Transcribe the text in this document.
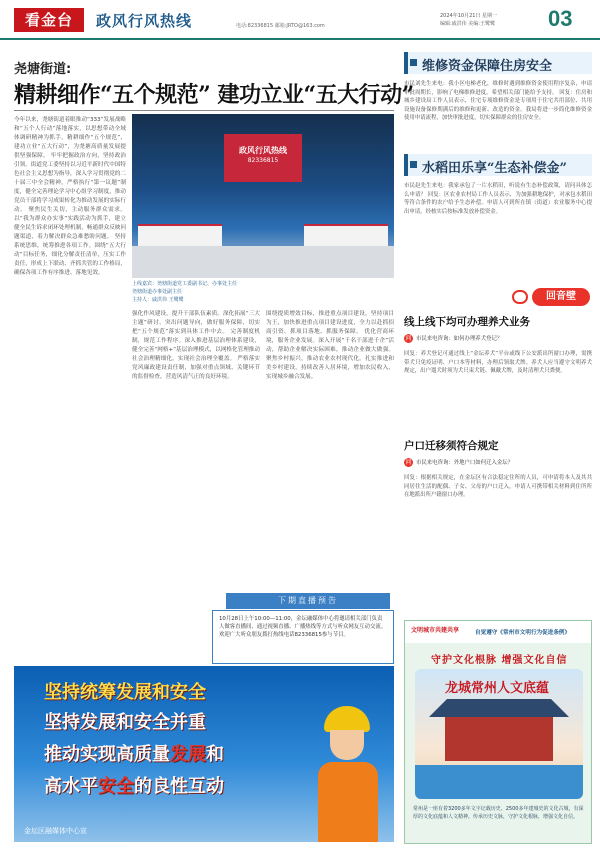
看金台	政风行风热线	电话:82336815 邮箱:JRTO@163.com
2024年10月21日 星期一
编辑:戚洪伟 美编:王鹭鹭 03
尧塘街道:
精耕细作“五个规范” 建功立业“五大行动”
今年以来，尧塘街道着眼推动“333”发展战略和“五个人行动”落地落实，以思想带动全域体调研精神为抓手，精耕细作“五个规范”，建功立业“五大行动”，为尧塘高质量发展提供坚强保障。 牢牢把握政治方向，坚持政治引领。街道党工委坚持以习近平新时代中国特色社会主义思想为指导，深入学习贯彻党的二十届三中全会精神，严格执行“第一议题”制度，健全完善理论学习中心组学习制度，推动党员干部将学习成果转化为推动发展的实际行动。 聚焦民生关切，主动服务群众需求。以“我为群众办实事”实践活动为抓手，建立健全民生诉求闭环处理机制，畅通群众反映问题渠道，着力解决群众急难愁盼问题。 坚持系统思维，统筹推进各项工作。围绕“五大行动”目标任务，细化分解责任清单，压实工作责任，形成上下联动、齐抓共管的工作格局，确保各项工作有序推进、落地见效。
政风行风热线
82336815
上线嘉宾：尧塘街道党工委副书记、办事处主任
尧塘街道办事处副主任
主持人：戚洪伟 王鹭鹭
强化作风建设，提升干部队伍素质。深化拓展“三大主题”研讨，突出问题导向，做好服务保障，切实把“五个规范”落实到具体工作中去。 完善制度机制，规范工作程序。深入推进基层治理体系建设，健全完善“网格+”基层治理模式，以网格化管理推动社会治理精细化，实现社会治理全覆盖。 严格落实党风廉政建设责任制，加强对重点领域、关键环节的监督检查，营造风清气正的良好环境。
围绕提质增效目标，推进重点项目建设。坚持项目为王，加快推进重点项目建设进度，全力以赴抓招商引资、抓项目落地、抓服务保障。 优化营商环境，服务企业发展。深入开展“千名干部进千企”活动，帮助企业解决实际困难，推动企业做大做强。 聚焦乡村振兴，推动农业农村现代化。扎实推进和美乡村建设，持续改善人居环境，增加农民收入，实现城乡融合发展。
下期直播预告
10月28日上午10:00—11:00，金坛融媒体中心将邀请相关部门负责人做客直播间，通过视频直播、广播热线等方式与听众网友互动交流。欢迎广大听众朋友拨打热线电话82336815参与节目。
坚持统筹发展和安全
坚持发展和安全并重
推动实现高质量发展和
高水平安全的良性互动
金坛区融媒体中心宣
维修资金保障住房安全
市民刘先生来电：我小区电梯老化，维修时遇到维修资金使用程序复杂，申请审批周期长，影响了电梯维修进度，希望相关部门能给予支持。 回复：住房和城乡建设局工作人员表示，住宅专项维修资金是专项用于住宅共用部位、共用设施设备保修期满后的维修和更新、改造的资金。我局将进一步简化维修资金使用申请流程，加快审批进度，切实保障群众的住房安全。
水稻田乐享“生态补偿金”
市民赵先生来电：我家承包了一片水稻田，听说有生态补偿政策，请问具体怎么申请？ 回复：区农业农村局工作人员表示，为加强耕地保护，对承包水稻田等符合条件的农户给予生态补偿。申请人可到所在镇（街道）农业服务中心提出申请，经核实后按标准发放补偿资金。
回音壁
线上线下均可办理养犬业务
问 市民来电咨询：如何办理养犬登记？
回复：养犬登记可通过线上“金坛养犬”平台或线下公安派出所窗口办理，需携带犬只免疫证明、户口本等材料，办理后领取犬牌。养犬人应当遵守文明养犬规定，出户遛犬时须为犬只束犬链、佩戴犬牌，及时清理犬只粪便。
户口迁移须符合规定
问 市民来电咨询：外地户口如何迁入金坛？
回复：根据相关规定，在金坛区有合法稳定住所的人员，可申请将本人及其共同居住生活的配偶、子女、父母的户口迁入。申请人可携带相关材料到住所所在地派出所户籍窗口办理。
文明城市共建共享	自觉遵守《常州市文明行为促进条例》
守护文化根脉 增强文化自信
龙城常州人文底蕴
常州是一座有着3200多年文字记载历史、2500多年建城史的文化古城，有深厚的文化底蕴和人文精神。传承历史文脉，守护文化根脉，增强文化自信。
